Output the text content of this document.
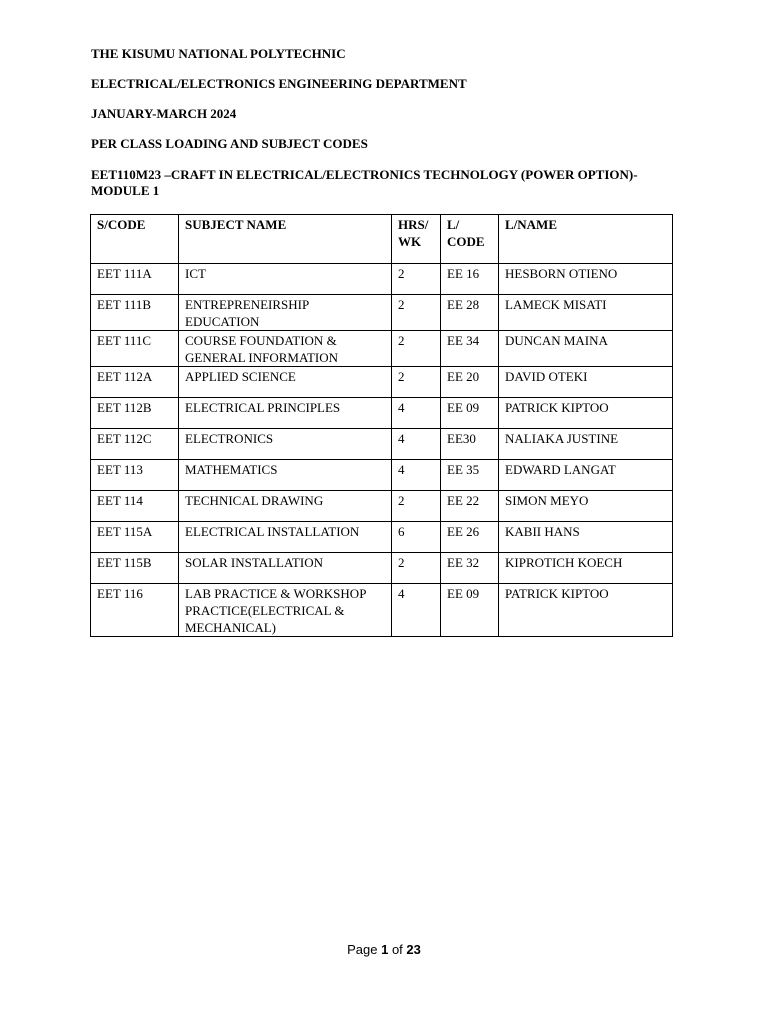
THE KISUMU NATIONAL POLYTECHNIC

ELECTRICAL/ELECTRONICS ENGINEERING DEPARTMENT

JANUARY-MARCH 2024

PER CLASS LOADING AND SUBJECT CODES

EET110M23 –CRAFT IN ELECTRICAL/ELECTRONICS TECHNOLOGY (POWER OPTION)-MODULE 1

S/CODE	SUBJECT NAME	HRS/ WK	L/ CODE	L/NAME

EET 111A	ICT	2	EE 16	HESBORN OTIENO

EET 111B	ENTREPRENEIRSHIP EDUCATION	2	EE 28	LAMECK MISATI

EET 111C	COURSE FOUNDATION & GENERAL INFORMATION	2	EE 34	DUNCAN MAINA

EET 112A	APPLIED SCIENCE	2	EE 20	DAVID OTEKI

EET 112B	ELECTRICAL PRINCIPLES	4	EE 09	PATRICK KIPTOO

EET 112C	ELECTRONICS	4	EE30	NALIAKA JUSTINE

EET 113	MATHEMATICS	4	EE 35	EDWARD LANGAT

EET 114	TECHNICAL DRAWING	2	EE 22	SIMON MEYO

EET 115A	ELECTRICAL INSTALLATION	6	EE 26	KABII HANS

EET 115B	SOLAR INSTALLATION	2	EE 32	KIPROTICH KOECH

EET 116	LAB PRACTICE & WORKSHOP PRACTICE(ELECTRICAL & MECHANICAL)	4	EE 09	PATRICK KIPTOO
Page 1 of 23
